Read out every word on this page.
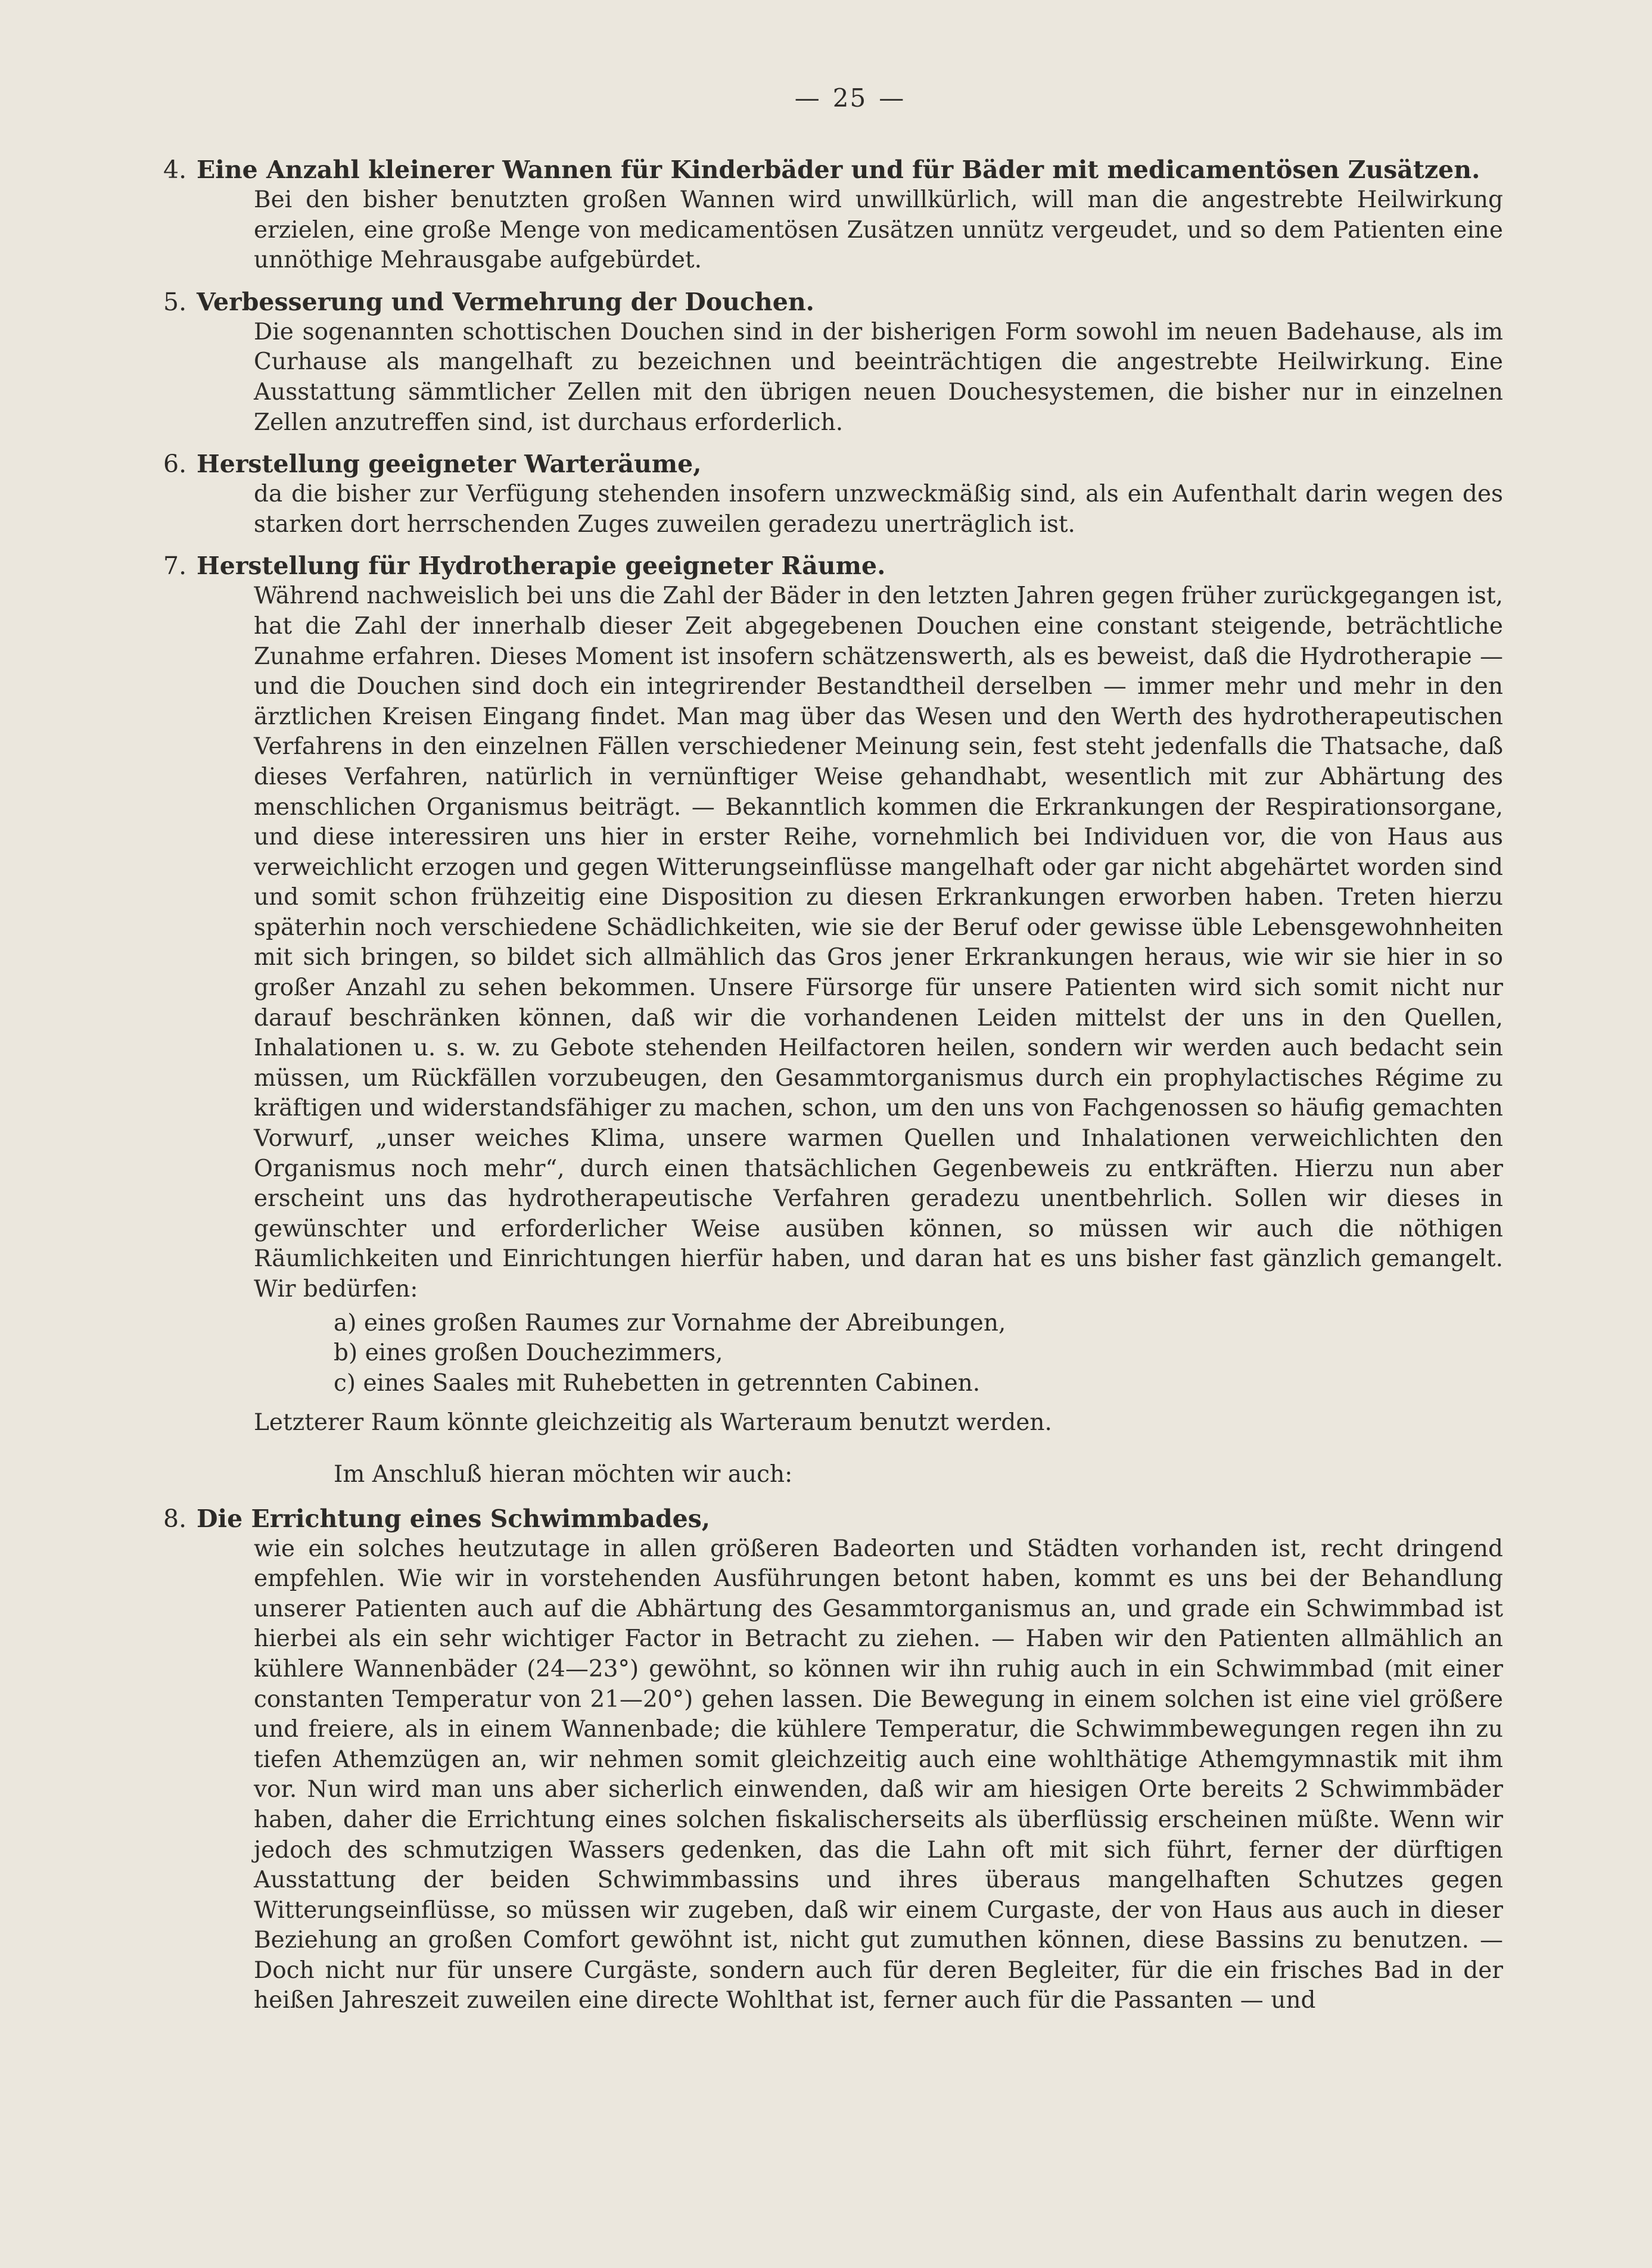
— 25 —

4. Eine Anzahl kleinerer Wannen für Kinderbäder und für Bäder mit medicamentösen Zusätzen.

Bei den bisher benutzten großen Wannen wird unwillkürlich, will man die angestrebte Heilwirkung erzielen, eine große Menge von medicamentösen Zusätzen unnütz vergeudet, und so dem Patienten eine unnöthige Mehrausgabe aufgebürdet.

5. Verbesserung und Vermehrung der Douchen.

Die sogenannten schottischen Douchen sind in der bisherigen Form sowohl im neuen Badehause, als im Curhause als mangelhaft zu bezeichnen und beeinträchtigen die angestrebte Heilwirkung. Eine Ausstattung sämmtlicher Zellen mit den übrigen neuen Douchesystemen, die bisher nur in einzelnen Zellen anzutreffen sind, ist durchaus erforderlich.

6. Herstellung geeigneter Warteräume,

da die bisher zur Verfügung stehenden insofern unzweckmäßig sind, als ein Aufenthalt darin wegen des starken dort herrschenden Zuges zuweilen geradezu unerträglich ist.

7. Herstellung für Hydrotherapie geeigneter Räume.

Während nachweislich bei uns die Zahl der Bäder in den letzten Jahren gegen früher zurückgegangen ist, hat die Zahl der innerhalb dieser Zeit abgegebenen Douchen eine constant steigende, beträchtliche Zunahme erfahren. Dieses Moment ist insofern schätzenswerth, als es beweist, daß die Hydrotherapie — und die Douchen sind doch ein integrirender Bestandtheil derselben — immer mehr und mehr in den ärztlichen Kreisen Eingang findet. Man mag über das Wesen und den Werth des hydrotherapeutischen Verfahrens in den einzelnen Fällen verschiedener Meinung sein, fest steht jedenfalls die Thatsache, daß dieses Verfahren, natürlich in vernünftiger Weise gehandhabt, wesentlich mit zur Abhärtung des menschlichen Organismus beiträgt. — Bekanntlich kommen die Erkrankungen der Respirationsorgane, und diese interessiren uns hier in erster Reihe, vornehmlich bei Individuen vor, die von Haus aus verweichlicht erzogen und gegen Witterungseinflüsse mangelhaft oder gar nicht abgehärtet worden sind und somit schon frühzeitig eine Disposition zu diesen Erkrankungen erworben haben. Treten hierzu späterhin noch verschiedene Schädlichkeiten, wie sie der Beruf oder gewisse üble Lebensgewohnheiten mit sich bringen, so bildet sich allmählich das Gros jener Erkrankungen heraus, wie wir sie hier in so großer Anzahl zu sehen bekommen. Unsere Fürsorge für unsere Patienten wird sich somit nicht nur darauf beschränken können, daß wir die vorhandenen Leiden mittelst der uns in den Quellen, Inhalationen u. s. w. zu Gebote stehenden Heilfactoren heilen, sondern wir werden auch bedacht sein müssen, um Rückfällen vorzubeugen, den Gesammtorganismus durch ein prophylactisches Régime zu kräftigen und widerstandsfähiger zu machen, schon, um den uns von Fachgenossen so häufig gemachten Vorwurf, „unser weiches Klima, unsere warmen Quellen und Inhalationen verweichlichten den Organismus noch mehr“, durch einen thatsächlichen Gegenbeweis zu entkräften. Hierzu nun aber erscheint uns das hydrotherapeutische Verfahren geradezu unentbehrlich. Sollen wir dieses in gewünschter und erforderlicher Weise ausüben können, so müssen wir auch die nöthigen Räumlichkeiten und Einrichtungen hierfür haben, und daran hat es uns bisher fast gänzlich gemangelt. Wir bedürfen:

a) eines großen Raumes zur Vornahme der Abreibungen,
b) eines großen Douchezimmers,
c) eines Saales mit Ruhebetten in getrennten Cabinen.

Letzterer Raum könnte gleichzeitig als Warteraum benutzt werden.

Im Anschluß hieran möchten wir auch:

8. Die Errichtung eines Schwimmbades,

wie ein solches heutzutage in allen größeren Badeorten und Städten vorhanden ist, recht dringend empfehlen. Wie wir in vorstehenden Ausführungen betont haben, kommt es uns bei der Behandlung unserer Patienten auch auf die Abhärtung des Gesammtorganismus an, und grade ein Schwimmbad ist hierbei als ein sehr wichtiger Factor in Betracht zu ziehen. — Haben wir den Patienten allmählich an kühlere Wannenbäder (24—23°) gewöhnt, so können wir ihn ruhig auch in ein Schwimmbad (mit einer constanten Temperatur von 21—20°) gehen lassen. Die Bewegung in einem solchen ist eine viel größere und freiere, als in einem Wannenbade; die kühlere Temperatur, die Schwimmbewegungen regen ihn zu tiefen Athemzügen an, wir nehmen somit gleichzeitig auch eine wohlthätige Athemgymnastik mit ihm vor. Nun wird man uns aber sicherlich einwenden, daß wir am hiesigen Orte bereits 2 Schwimmbäder haben, daher die Errichtung eines solchen fiskalischerseits als überflüssig erscheinen müßte. Wenn wir jedoch des schmutzigen Wassers gedenken, das die Lahn oft mit sich führt, ferner der dürftigen Ausstattung der beiden Schwimmbassins und ihres überaus mangelhaften Schutzes gegen Witterungseinflüsse, so müssen wir zugeben, daß wir einem Curgaste, der von Haus aus auch in dieser Beziehung an großen Comfort gewöhnt ist, nicht gut zumuthen können, diese Bassins zu benutzen. — Doch nicht nur für unsere Curgäste, sondern auch für deren Begleiter, für die ein frisches Bad in der heißen Jahreszeit zuweilen eine directe Wohlthat ist, ferner auch für die Passanten — und
